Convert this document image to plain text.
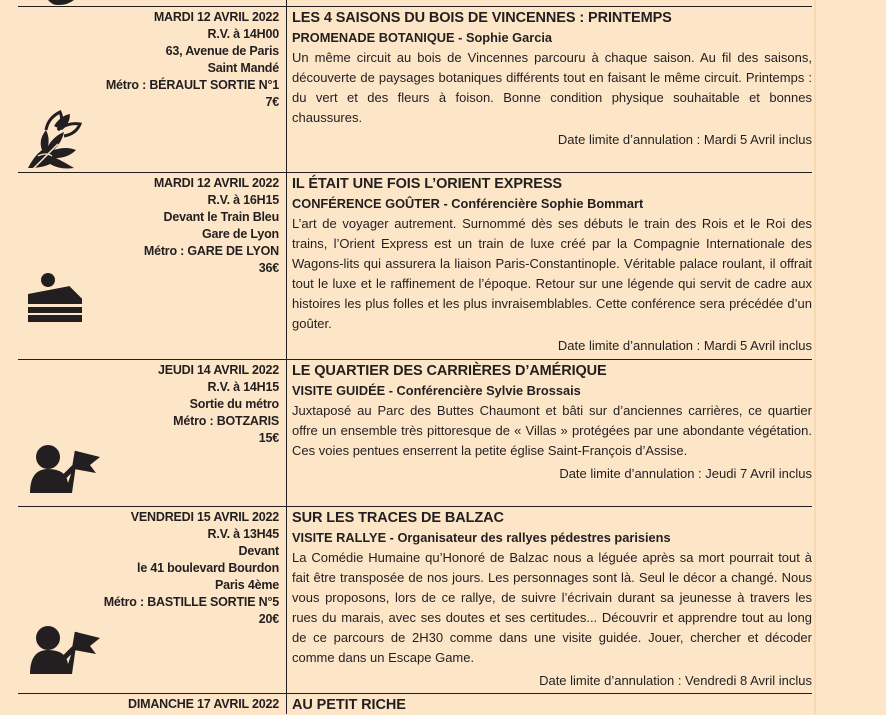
MARDI 12 AVRIL 2022
R.V. à 14H00
63, Avenue de Paris
Saint Mandé
Métro : BÉRAULT SORTIE N°1
7€
LES 4 SAISONS DU BOIS DE VINCENNES : PRINTEMPS
PROMENADE BOTANIQUE - Sophie Garcia
Un même circuit au bois de Vincennes parcouru à chaque saison. Au fil des saisons, découverte de paysages botaniques différents tout en faisant le même circuit. Printemps : du vert et des fleurs à foison. Bonne condition physique souhaitable et bonnes chaussures.
Date limite d’annulation : Mardi 5 Avril inclus
MARDI 12 AVRIL 2022
R.V. à 16H15
Devant le Train Bleu
Gare de Lyon
Métro : GARE DE LYON
36€
IL ÉTAIT UNE FOIS L’ORIENT EXPRESS
CONFÉRENCE GOÛTER - Conférencière Sophie Bommart
L’art de voyager autrement. Surnommé dès ses débuts le train des Rois et le Roi des trains, l’Orient Express est un train de luxe créé par la Compagnie Internationale des Wagons-lits qui assurera la liaison Paris-Constantinople. Véritable palace roulant, il offrait tout le luxe et le raffinement de l’époque. Retour sur une légende qui servit de cadre aux histoires les plus folles et les plus invraisemblables. Cette conférence sera précédée d’un goûter.
Date limite d’annulation : Mardi 5 Avril inclus
JEUDI 14 AVRIL 2022
R.V. à 14H15
Sortie du métro
Métro : BOTZARIS
15€
LE QUARTIER DES CARRIÈRES D’AMÉRIQUE
VISITE GUIDÉE - Conférencière Sylvie Brossais
Juxtaposé au Parc des Buttes Chaumont et bâti sur d’anciennes carrières, ce quartier offre un ensemble très pittoresque de « Villas » protégées par une abondante végétation. Ces voies pentues enserrent la petite église Saint-François d’Assise.
Date limite d’annulation : Jeudi 7 Avril inclus
VENDREDI 15 AVRIL 2022
R.V. à 13H45
Devant
le 41 boulevard Bourdon
Paris 4ème
Métro : BASTILLE SORTIE N°5
20€
SUR LES TRACES DE BALZAC
VISITE RALLYE - Organisateur des rallyes pédestres parisiens
La Comédie Humaine qu’Honoré de Balzac nous a léguée après sa mort pourrait tout à fait être transposée de nos jours. Les personnages sont là. Seul le décor a changé. Nous vous proposons, lors de ce rallye, de suivre l’écrivain durant sa jeunesse à travers les rues du marais, avec ses doutes et ses certitudes... Découvrir et apprendre tout au long de ce parcours de 2H30 comme dans une visite guidée. Jouer, chercher et décoder comme dans un Escape Game.
Date limite d’annulation : Vendredi 8 Avril inclus
DIMANCHE 17 AVRIL 2022 AU PETIT RICHE
